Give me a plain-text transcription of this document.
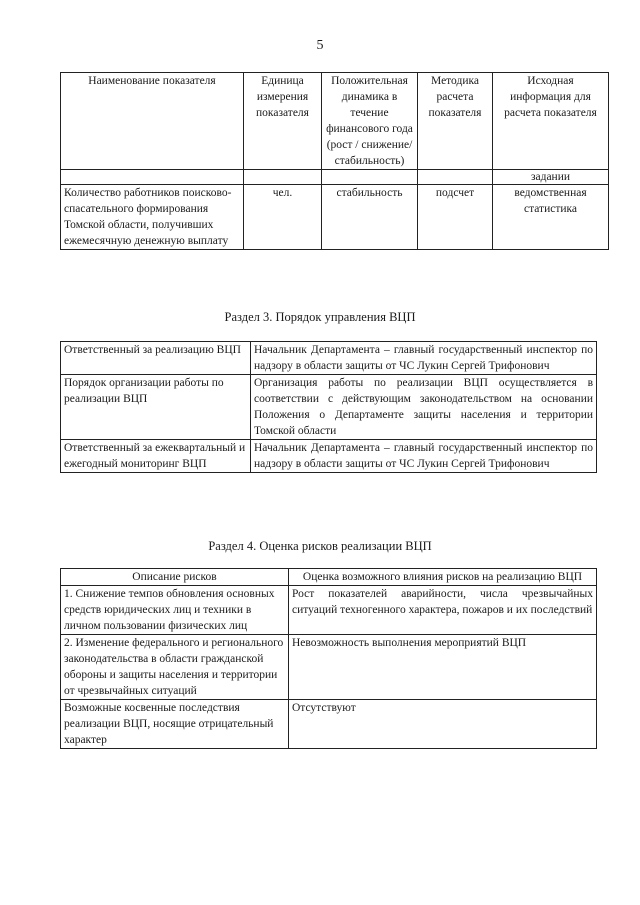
5
Наименование показателя	Единица измерения показателя	Положительная динамика в течение финансового года (рост / снижение/ стабильность)	Методика расчета показателя	Исходная информация для расчета показателя
				задании
Количество работников поисково-спасательного формирования Томской области, получивших ежемесячную денежную выплату	чел.	стабильность	подсчет	ведомственная статистика
Раздел 3. Порядок управления ВЦП
Ответственный за реализацию ВЦП	Начальник Департамента – главный государственный инспектор по надзору в области защиты от ЧС Лукин Сергей Трифонович
Порядок организации работы по реализации ВЦП	Организация работы по реализации ВЦП осуществляется в соответствии с действующим законодательством на основании Положения о Департаменте защиты населения и территории Томской области
Ответственный за ежеквартальный и ежегодный мониторинг ВЦП	Начальник Департамента – главный государственный инспектор по надзору в области защиты от ЧС Лукин Сергей Трифонович
Раздел 4. Оценка рисков реализации ВЦП
Описание рисков	Оценка возможного влияния рисков на реализацию ВЦП
1. Снижение темпов обновления основных средств юридических лиц и техники в личном пользовании физических лиц	Рост показателей аварийности, числа чрезвычайных ситуаций техногенного характера, пожаров и их последствий
2. Изменение федерального и регионального законодательства в области гражданской обороны и защиты населения и территории от чрезвычайных ситуаций	Невозможность выполнения мероприятий ВЦП
Возможные косвенные последствия реализации ВЦП, носящие отрицательный характер	Отсутствуют
